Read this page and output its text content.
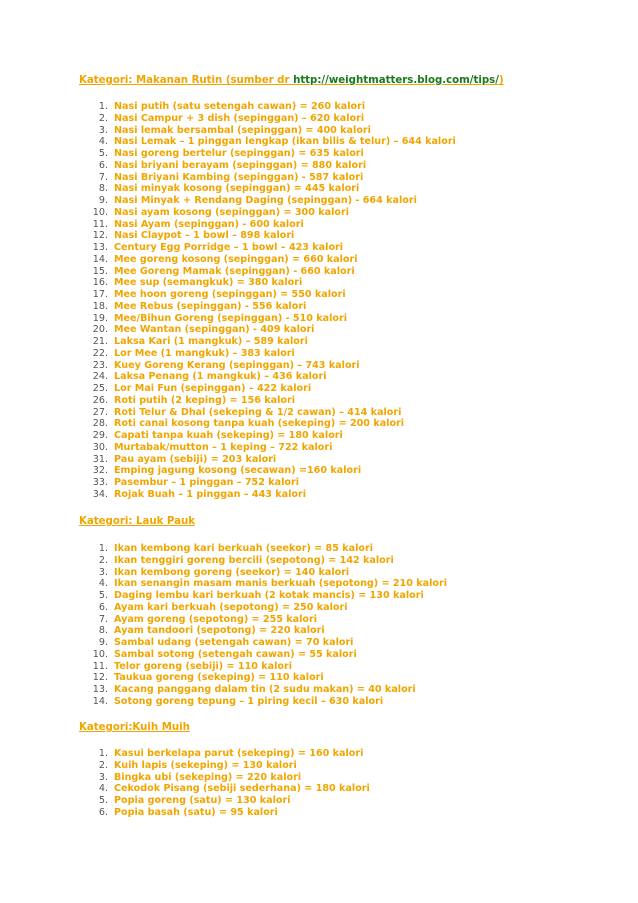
Kategori: Makanan Rutin (sumber dr http://weightmatters.blog.com/tips/)
1. Nasi putih (satu setengah cawan) = 260 kalori
2. Nasi Campur + 3 dish (sepinggan) – 620 kalori
3. Nasi lemak bersambal (sepinggan) = 400 kalori
4. Nasi Lemak – 1 pinggan lengkap (ikan bilis & telur) – 644 kalori
5. Nasi goreng bertelur (sepinggan) = 635 kalori
6. Nasi briyani berayam (sepinggan) = 880 kalori
7. Nasi Briyani Kambing (sepinggan) - 587 kalori
8. Nasi minyak kosong (sepinggan) = 445 kalori
9. Nasi Minyak + Rendang Daging (sepinggan) - 664 kalori
10. Nasi ayam kosong (sepinggan) = 300 kalori
11. Nasi Ayam (sepinggan) - 600 kalori
12. Nasi Claypot – 1 bowl – 898 kalori
13. Century Egg Porridge – 1 bowl – 423 kalori
14. Mee goreng kosong (sepinggan) = 660 kalori
15. Mee Goreng Mamak (sepinggan) - 660 kalori
16. Mee sup (semangkuk) = 380 kalori
17. Mee hoon goreng (sepinggan) = 550 kalori
18. Mee Rebus (sepinggan) - 556 kalori
19. Mee/Bihun Goreng (sepinggan) - 510 kalori
20. Mee Wantan (sepinggan) - 409 kalori
21. Laksa Kari (1 mangkuk) – 589 kalori
22. Lor Mee (1 mangkuk) – 383 kalori
23. Kuey Goreng Kerang (sepinggan) – 743 kalori
24. Laksa Penang (1 mangkuk) – 436 kalori
25. Lor Mai Fun (sepinggan) – 422 kalori
26. Roti putih (2 keping) = 156 kalori
27. Roti Telur & Dhal (sekeping & 1/2 cawan) – 414 kalori
28. Roti canai kosong tanpa kuah (sekeping) = 200 kalori
29. Capati tanpa kuah (sekeping) = 180 kalori
30. Murtabak/mutton – 1 keping – 722 kalori
31. Pau ayam (sebiji) = 203 kalori
32. Emping jagung kosong (secawan) =160 kalori
33. Pasembur – 1 pinggan – 752 kalori
34. Rojak Buah – 1 pinggan – 443 kalori
Kategori: Lauk Pauk
1. Ikan kembong kari berkuah (seekor) = 85 kalori
2. Ikan tenggiri goreng bercili (sepotong) = 142 kalori
3. Ikan kembong goreng (seekor) = 140 kalori
4. Ikan senangin masam manis berkuah (sepotong) = 210 kalori
5. Daging lembu kari berkuah (2 kotak mancis) = 130 kalori
6. Ayam kari berkuah (sepotong) = 250 kalori
7. Ayam goreng (sepotong) = 255 kalori
8. Ayam tandoori (sepotong) = 220 kalori
9. Sambal udang (setengah cawan) = 70 kalori
10. Sambal sotong (setengah cawan) = 55 kalori
11. Telor goreng (sebiji) = 110 kalori
12. Taukua goreng (sekeping) = 110 kalori
13. Kacang panggang dalam tin (2 sudu makan) = 40 kalori
14. Sotong goreng tepung – 1 piring kecil – 630 kalori
Kategori:Kuih Muih
1. Kasui berkelapa parut (sekeping) = 160 kalori
2. Kuih lapis (sekeping) = 130 kalori
3. Bingka ubi (sekeping) = 220 kalori
4. Cekodok Pisang (sebiji sederhana) = 180 kalori
5. Popia goreng (satu) = 130 kalori
6. Popia basah (satu) = 95 kalori
